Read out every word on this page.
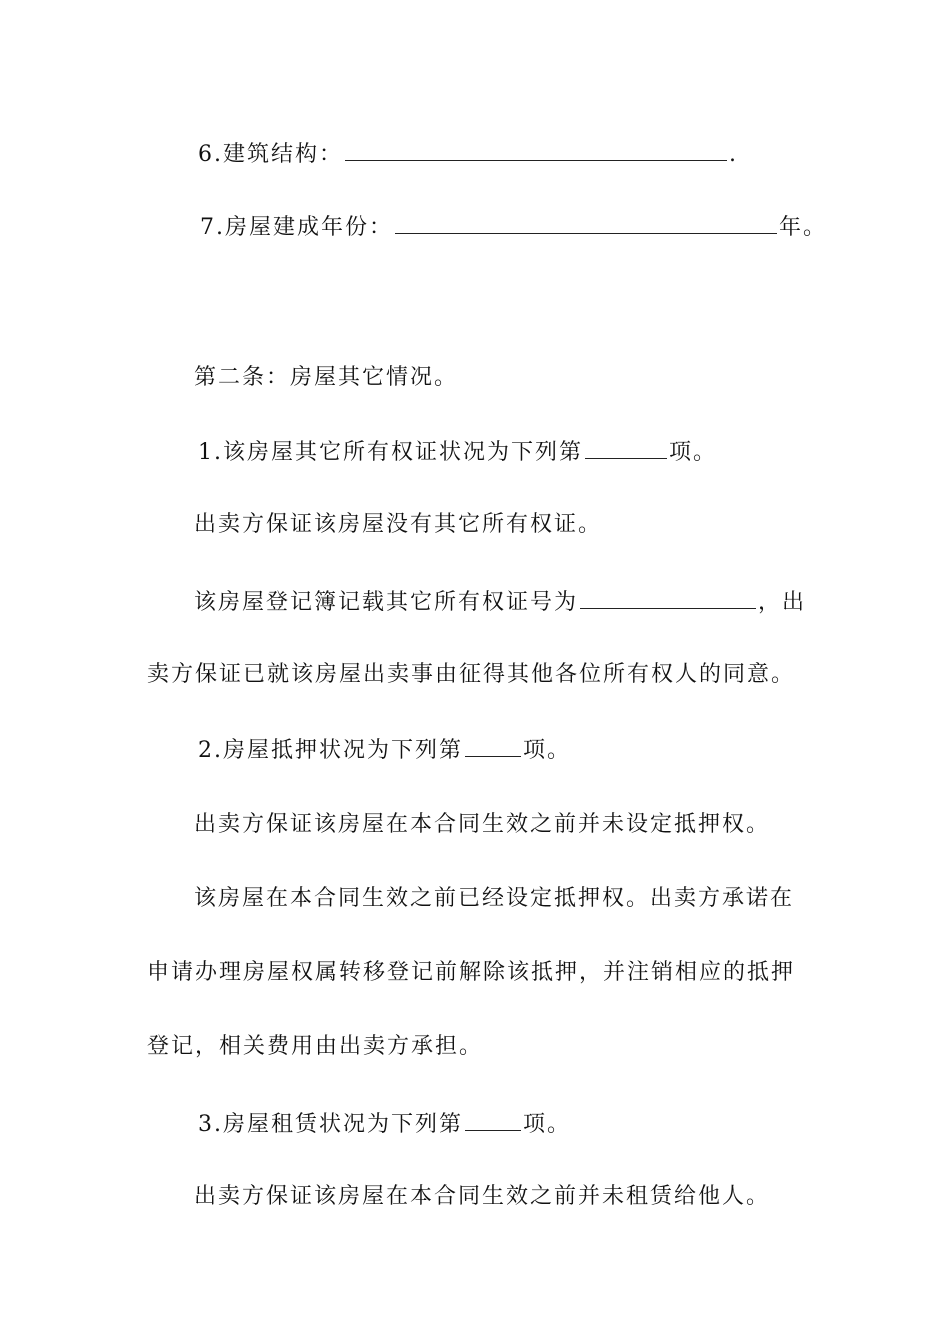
6.建筑结构：	.
7.房屋建成年份：	年。
第二条：房屋其它情况。
1.该房屋其它所有权证状况为下列第	项。
出卖方保证该房屋没有其它所有权证。
该房屋登记簿记载其它所有权证号为	，出
卖方保证已就该房屋出卖事由征得其他各位所有权人的同意。
2.房屋抵押状况为下列第	项。
出卖方保证该房屋在本合同生效之前并未设定抵押权。
该房屋在本合同生效之前已经设定抵押权。出卖方承诺在
申请办理房屋权属转移登记前解除该抵押，并注销相应的抵押
登记，相关费用由出卖方承担。
3.房屋租赁状况为下列第	项。
出卖方保证该房屋在本合同生效之前并未租赁给他人。
